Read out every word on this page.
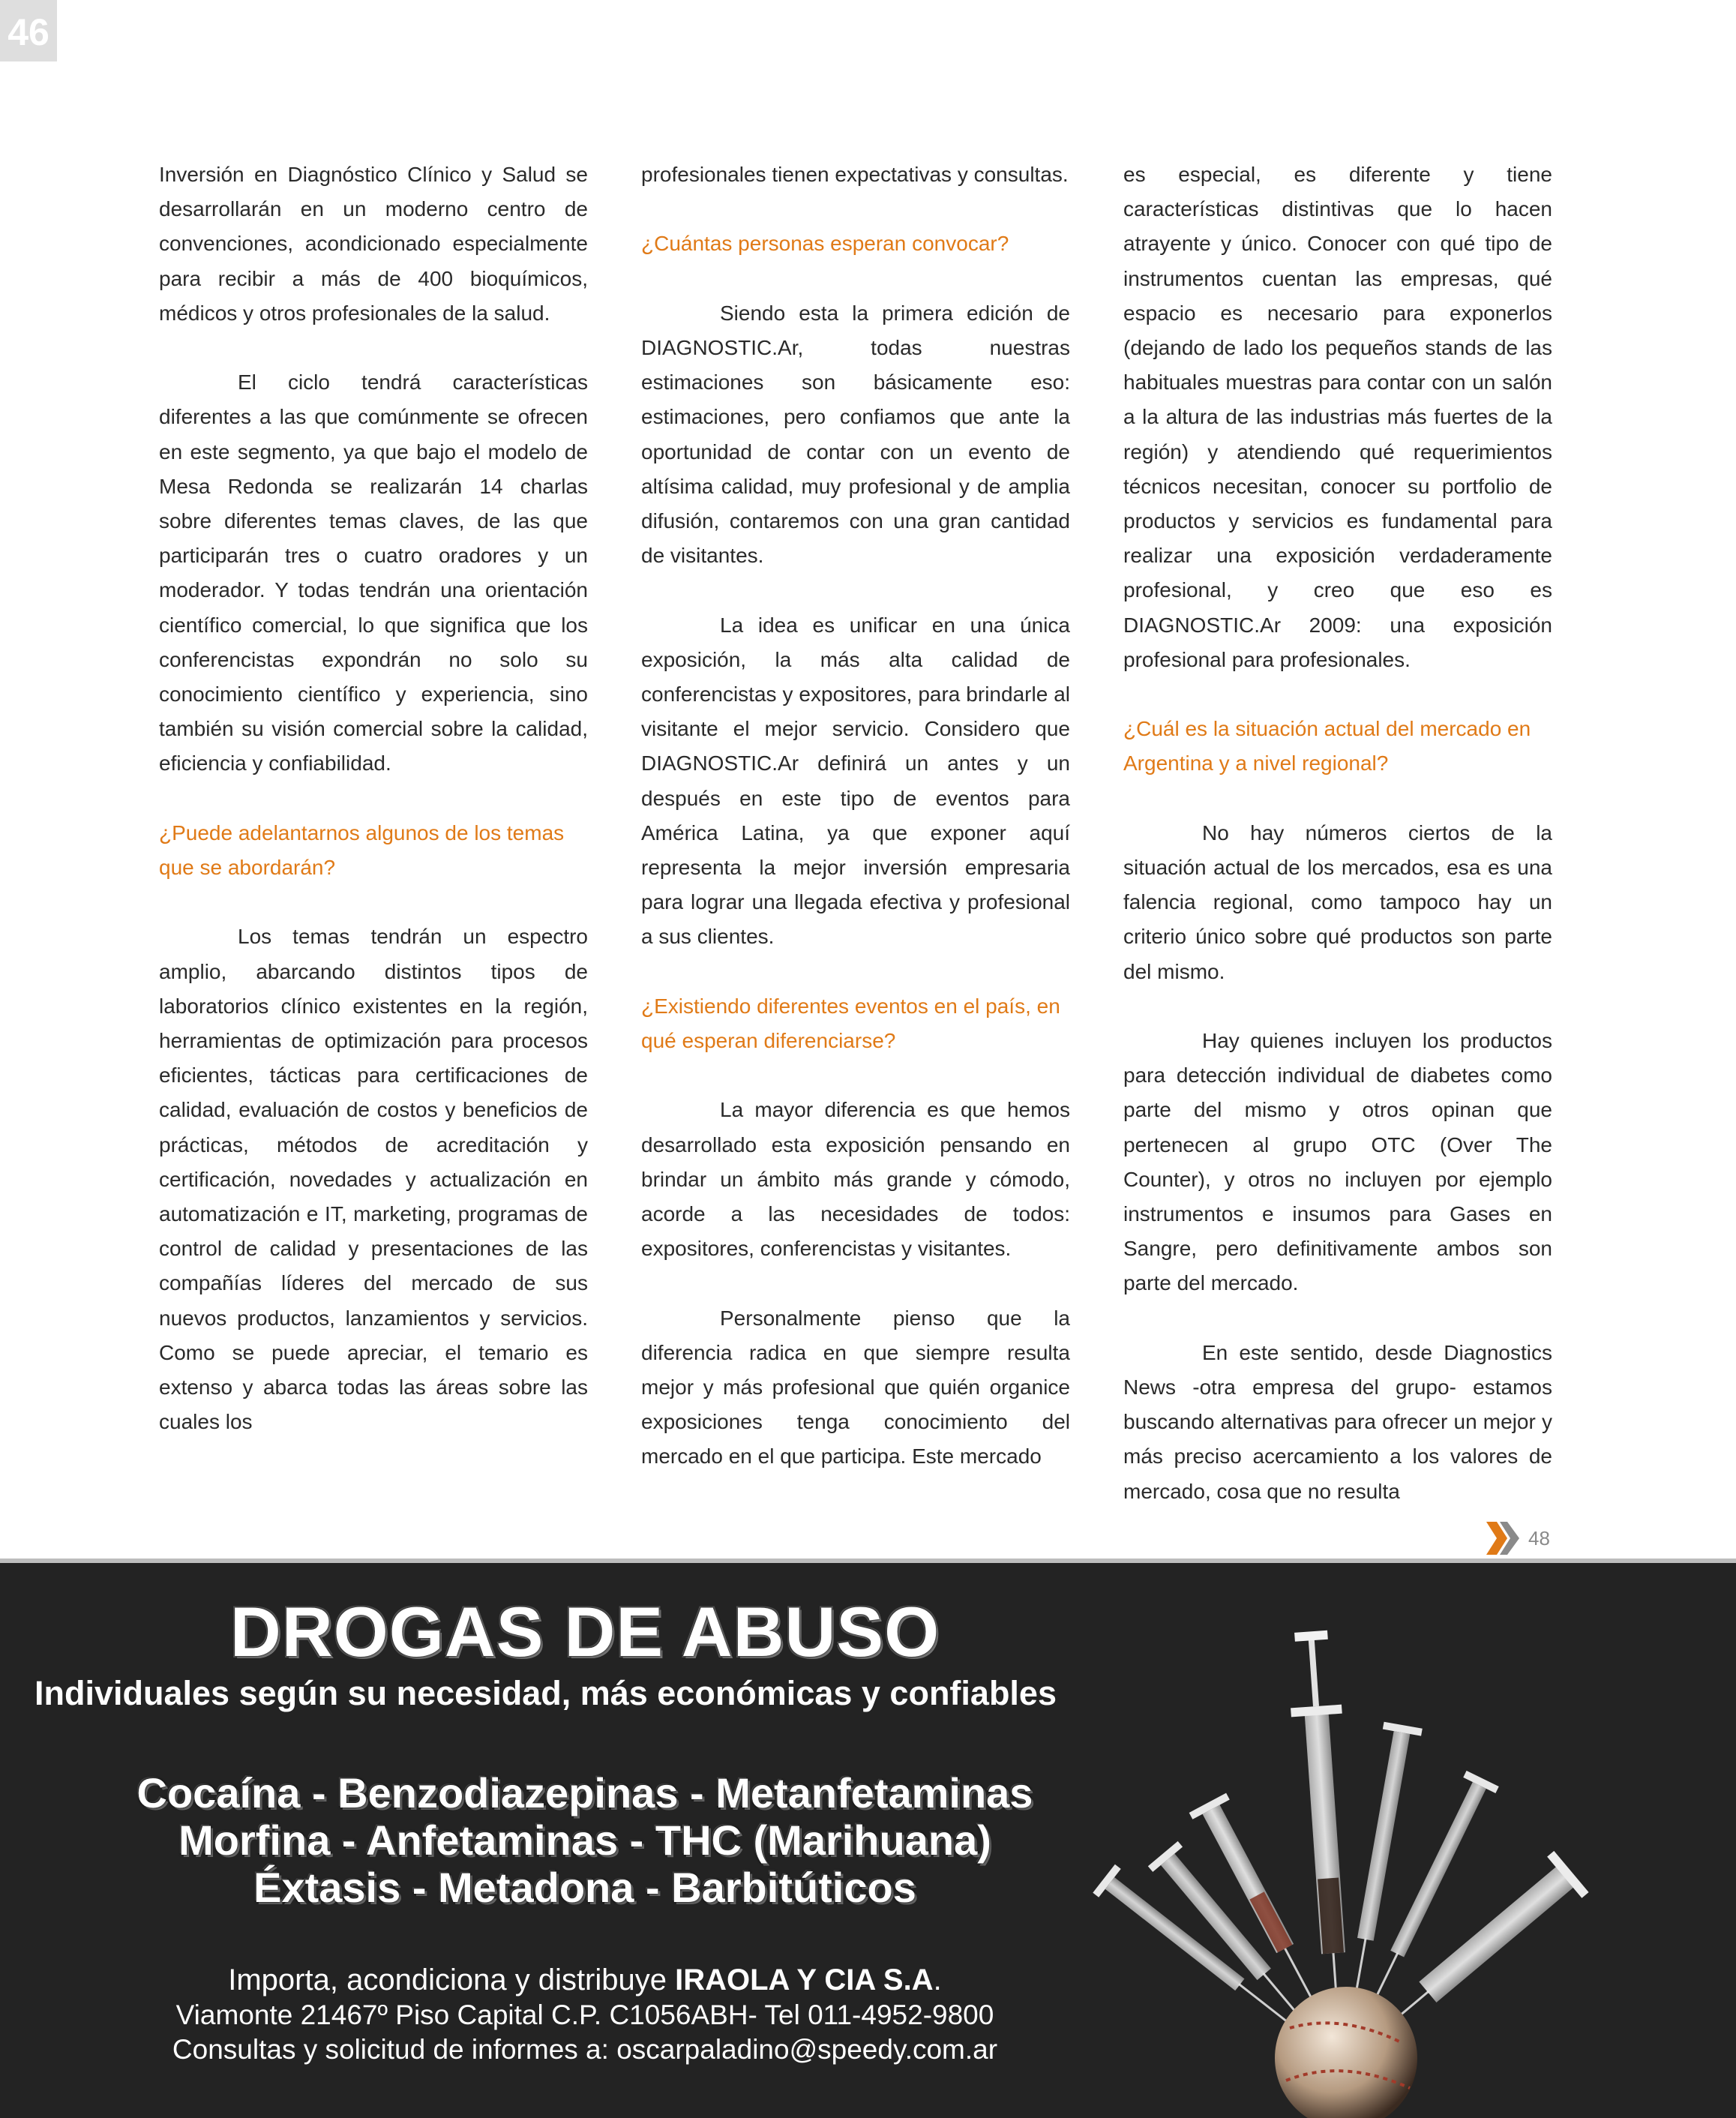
46

Inversión en Diagnóstico Clínico y Salud se desarrollarán en un moderno centro de convenciones, acondicionado especialmente para recibir a más de 400 bioquímicos, médicos y otros profesionales de la salud.

El ciclo tendrá características diferentes a las que comúnmente se ofrecen en este segmento, ya que bajo el modelo de Mesa Redonda se realizarán 14 charlas sobre diferentes temas claves, de las que participarán tres o cuatro oradores y un moderador. Y todas tendrán una orientación científico comercial, lo que significa que los conferencistas expondrán no solo su conocimiento científico y experiencia, sino también su visión comercial sobre la calidad, eficiencia y confiabilidad.

¿Puede adelantarnos algunos de los temas que se abordarán?

Los temas tendrán un espectro amplio, abarcando distintos tipos de laboratorios clínico existentes en la región, herramientas de optimización para procesos eficientes, tácticas para certificaciones de calidad, evaluación de costos y beneficios de prácticas, métodos de acreditación y certificación, novedades y actualización en automatización e IT, marketing, programas de control de calidad y presentaciones de las compañías líderes del mercado de sus nuevos productos, lanzamientos y servicios. Como se puede apreciar, el temario es extenso y abarca todas las áreas sobre las cuales los

profesionales tienen expectativas y consultas.

¿Cuántas personas esperan convocar?

Siendo esta la primera edición de DIAGNOSTIC.Ar, todas nuestras estimaciones son básicamente eso: estimaciones, pero confiamos que ante la oportunidad de contar con un evento de altísima calidad, muy profesional y de amplia difusión, contaremos con una gran cantidad de visitantes.

La idea es unificar en una única exposición, la más alta calidad de conferencistas y expositores, para brindarle al visitante el mejor servicio. Considero que DIAGNOSTIC.Ar definirá un antes y un después en este tipo de eventos para América Latina, ya que exponer aquí representa la mejor inversión empresaria para lograr una llegada efectiva y profesional a sus clientes.

¿Existiendo diferentes eventos en el país, en qué esperan diferenciarse?

La mayor diferencia es que hemos desarrollado esta exposición pensando en brindar un ámbito más grande y cómodo, acorde a las necesidades de todos: expositores, conferencistas y visitantes.

Personalmente pienso que la diferencia radica en que siempre resulta mejor y más profesional que quién organice exposiciones tenga conocimiento del mercado en el que participa. Este mercado

es especial, es diferente y tiene características distintivas que lo hacen atrayente y único. Conocer con qué tipo de instrumentos cuentan las empresas, qué espacio es necesario para exponerlos (dejando de lado los pequeños stands de las habituales muestras para contar con un salón a la altura de las industrias más fuertes de la región) y atendiendo qué requerimientos técnicos necesitan, conocer su portfolio de productos y servicios es fundamental para realizar una exposición verdaderamente profesional, y creo que eso es DIAGNOSTIC.Ar 2009: una exposición profesional para profesionales.

¿Cuál es la situación actual del mercado en Argentina y a nivel regional?

No hay números ciertos de la situación actual de los mercados, esa es una falencia regional, como tampoco hay un criterio único sobre qué productos son parte del mismo.

Hay quienes incluyen los productos para detección individual de diabetes como parte del mismo y otros opinan que pertenecen al grupo OTC (Over The Counter), y otros no incluyen por ejemplo instrumentos e insumos para Gases en Sangre, pero definitivamente ambos son parte del mercado.

En este sentido, desde Diagnostics News -otra empresa del grupo- estamos buscando alternativas para ofrecer un mejor y más preciso acercamiento a los valores de mercado, cosa que no resulta

48
DROGAS DE ABUSO
Individuales según su necesidad, más económicas y confiables
Cocaína - Benzodiazepinas - Metanfetaminas
Morfina - Anfetaminas - THC (Marihuana)
Éxtasis - Metadona - Barbitúticos
Importa, acondiciona y distribuye IRAOLA Y CIA S.A.
Viamonte 21467º Piso Capital C.P. C1056ABH- Tel 011-4952-9800
Consultas y solicitud de informes a: oscarpaladino@speedy.com.ar
